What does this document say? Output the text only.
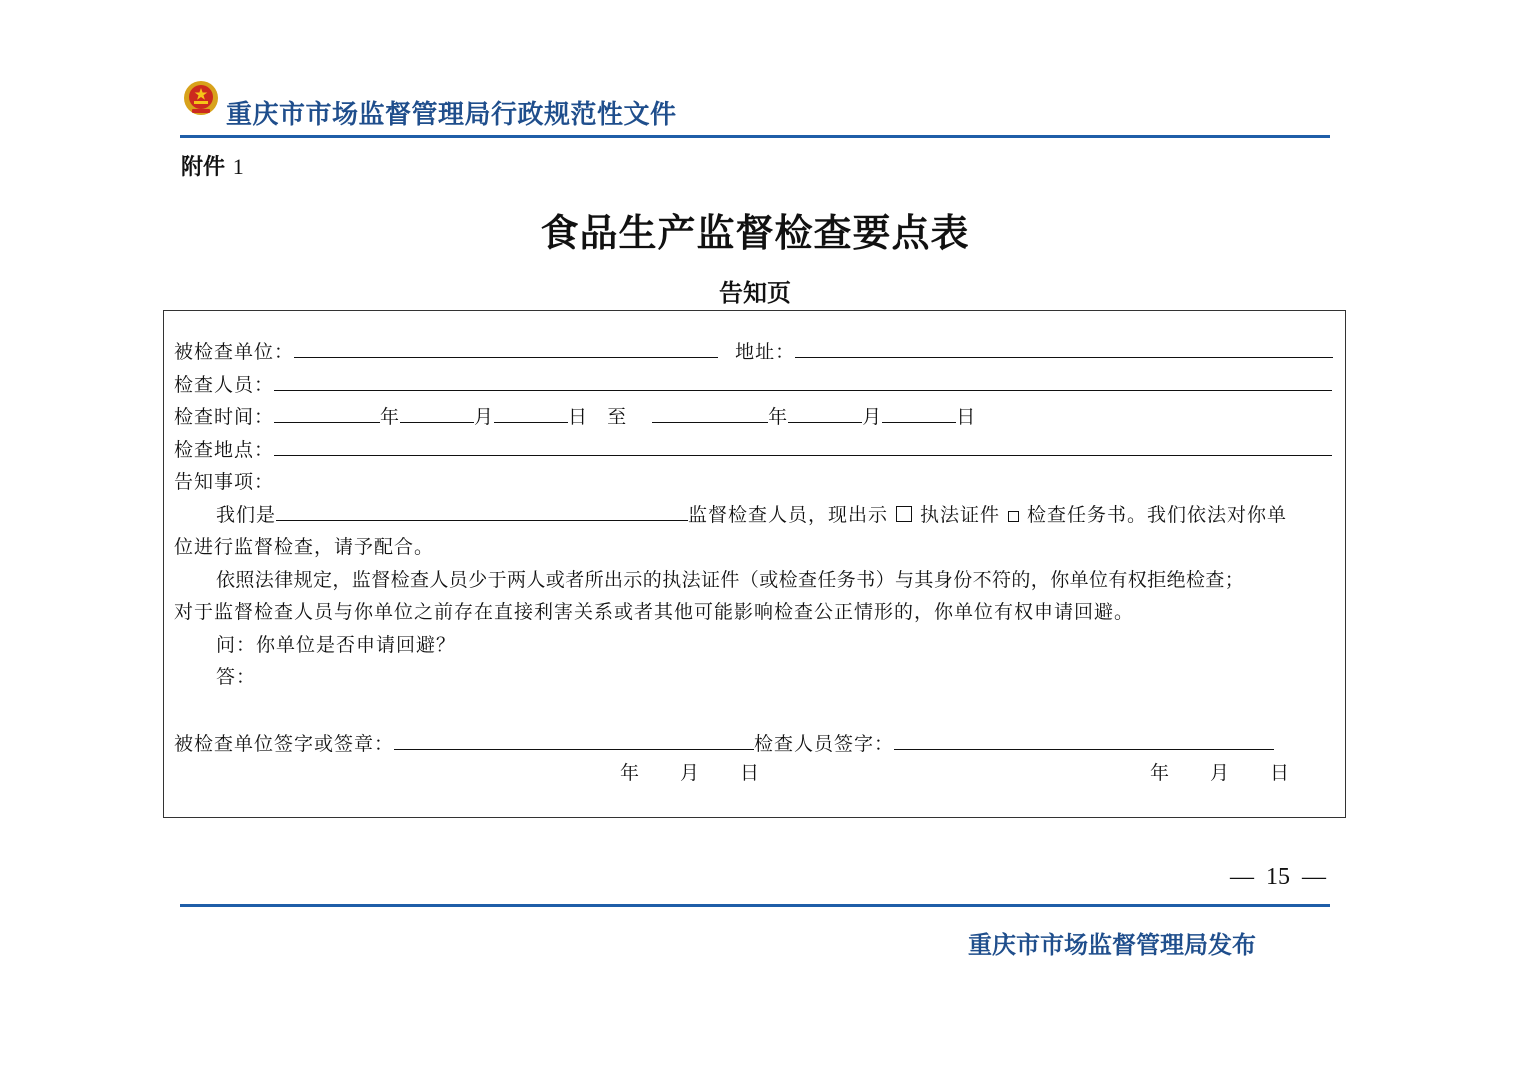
重庆市市场监督管理局行政规范性文件
附件 1
食品生产监督检查要点表
告知页
被检查单位：	地址：
检查人员：
检查时间：	年	月	日 至	年	月	日
检查地点：
告知事项：
我们是	监督检查人员，现出示 执法证件 检查任务书。我们依法对你单
位进行监督检查，请予配合。
依照法律规定，监督检查人员少于两人或者所出示的执法证件（或检查任务书）与其身份不符的，你单位有权拒绝检查；
对于监督检查人员与你单位之前存在直接利害关系或者其他可能影响检查公正情形的，你单位有权申请回避。
问：你单位是否申请回避？
答：
被检查单位签字或签章：	检查人员签字：
年 月 日	年 月 日
— 15 —
重庆市市场监督管理局发布
